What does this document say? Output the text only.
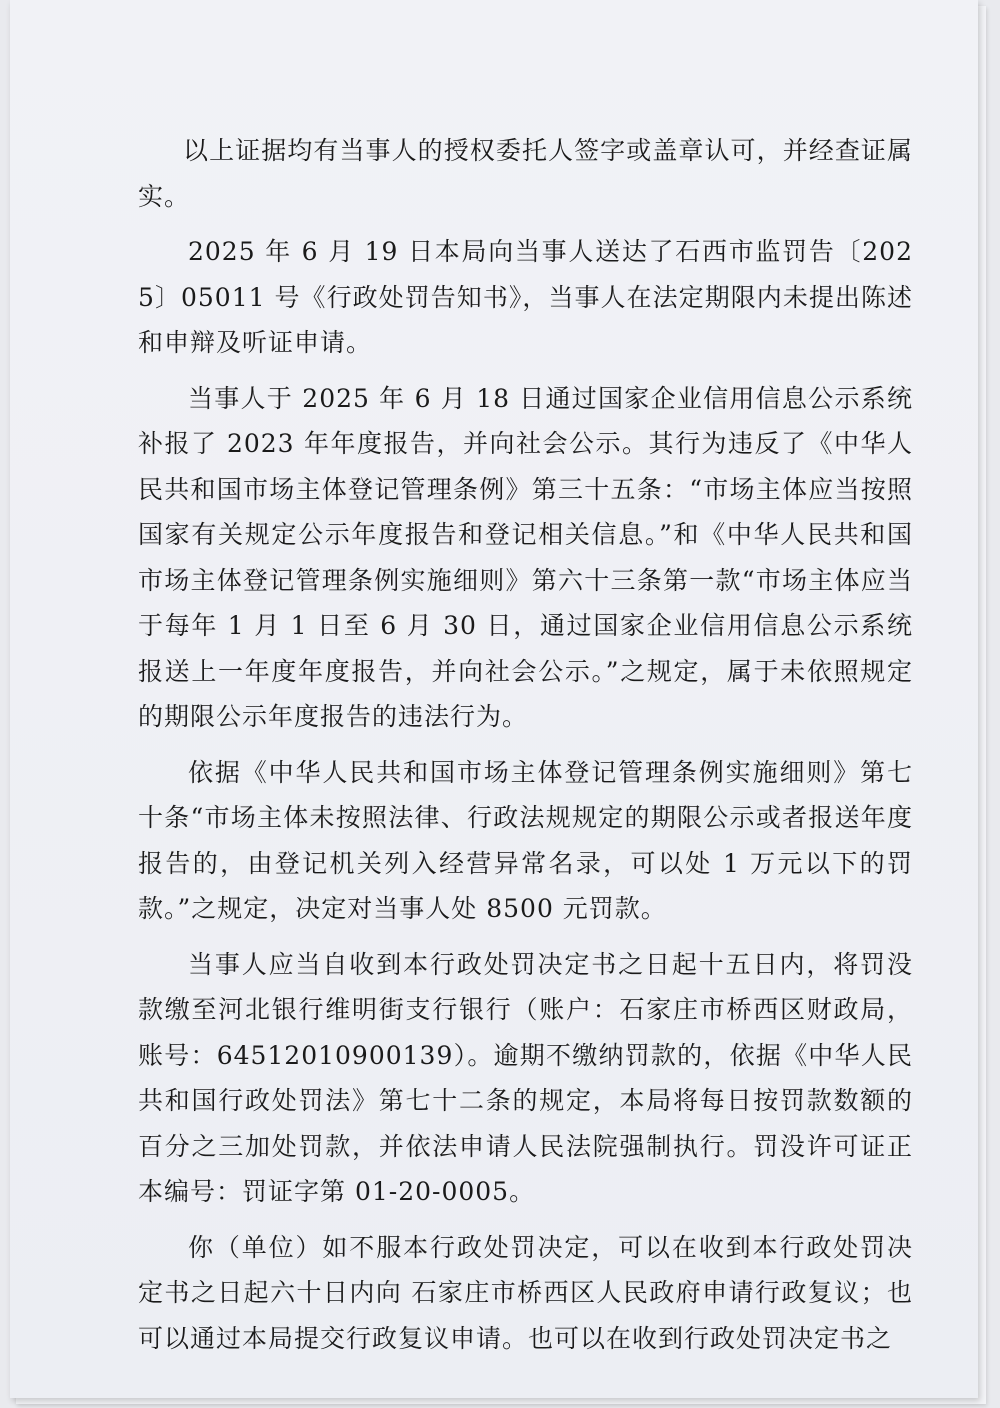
以上证据均有当事人的授权委托人签字或盖章认可，并经查证属实。

2025 年 6 月 19 日本局向当事人送达了石西市监罚告〔2025〕05011 号《行政处罚告知书》，当事人在法定期限内未提出陈述和申辩及听证申请。

当事人于 2025 年 6 月 18 日通过国家企业信用信息公示系统补报了 2023 年年度报告，并向社会公示。其行为违反了《中华人民共和国市场主体登记管理条例》第三十五条：“市场主体应当按照国家有关规定公示年度报告和登记相关信息。”和《中华人民共和国市场主体登记管理条例实施细则》第六十三条第一款“市场主体应当于每年 1 月 1 日至 6 月 30 日，通过国家企业信用信息公示系统报送上一年度年度报告，并向社会公示。”之规定，属于未依照规定的期限公示年度报告的违法行为。

依据《中华人民共和国市场主体登记管理条例实施细则》第七十条“市场主体未按照法律、行政法规规定的期限公示或者报送年度报告的，由登记机关列入经营异常名录，可以处 1 万元以下的罚款。”之规定，决定对当事人处 8500 元罚款。

当事人应当自收到本行政处罚决定书之日起十五日内，将罚没款缴至河北银行维明街支行银行（账户：石家庄市桥西区财政局，账号：64512010900139）。逾期不缴纳罚款的，依据《中华人民共和国行政处罚法》第七十二条的规定，本局将每日按罚款数额的百分之三加处罚款，并依法申请人民法院强制执行。罚没许可证正本编号：罚证字第 01-20-0005。

你（单位）如不服本行政处罚决定，可以在收到本行政处罚决定书之日起六十日内向 石家庄市桥西区人民政府申请行政复议；也可以通过本局提交行政复议申请。也可以在收到行政处罚决定书之
